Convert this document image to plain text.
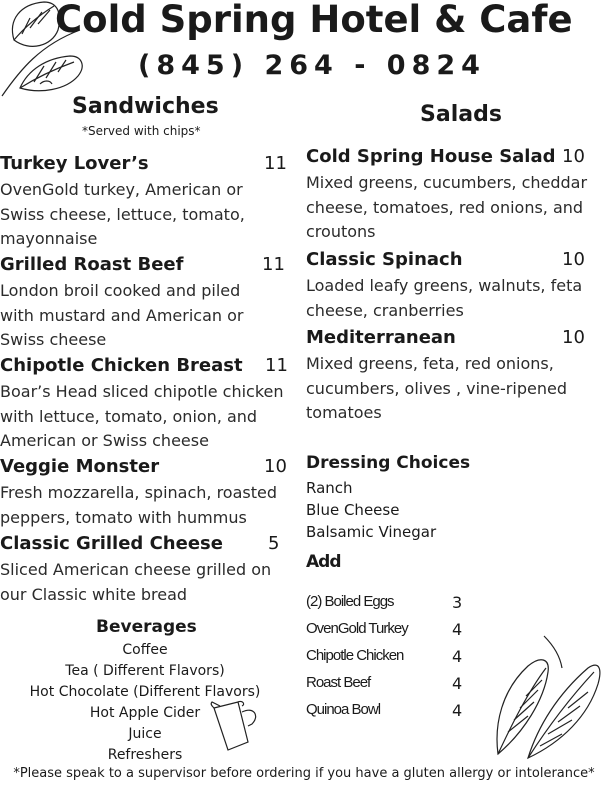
Cold Spring Hotel & Cafe
(845) 264 - 0824
Sandwiches
*Served with chips*
Turkey Lover’s	11
OvenGold turkey, American or Swiss cheese, lettuce, tomato, mayonnaise
Grilled Roast Beef	11
London broil cooked and piled with mustard and American or Swiss cheese
Chipotle Chicken Breast 11
Boar’s Head sliced chipotle chicken with lettuce, tomato, onion, and American or Swiss cheese
Veggie Monster	10
Fresh mozzarella, spinach, roasted peppers, tomato with hummus
Classic Grilled Cheese	5
Sliced American cheese grilled on our Classic white bread
Beverages
Coffee
Tea ( Different Flavors)
Hot Chocolate (Different Flavors)
Hot Apple Cider
Juice
Refreshers
Salads
Cold Spring House Salad 10
Mixed greens, cucumbers, cheddar cheese, tomatoes, red onions, and croutons
Classic Spinach	10
Loaded leafy greens, walnuts, feta cheese, cranberries
Mediterranean	10
Mixed greens, feta, red onions, cucumbers, olives , vine-ripened tomatoes
Dressing Choices
Ranch
Blue Cheese
Balsamic Vinegar
Add
(2) Boiled Eggs	3
OvenGold Turkey	4
Chipotle Chicken	4
Roast Beef	4
Quinoa Bowl	4
*Please speak to a supervisor before ordering if you have a gluten allergy or intolerance*
